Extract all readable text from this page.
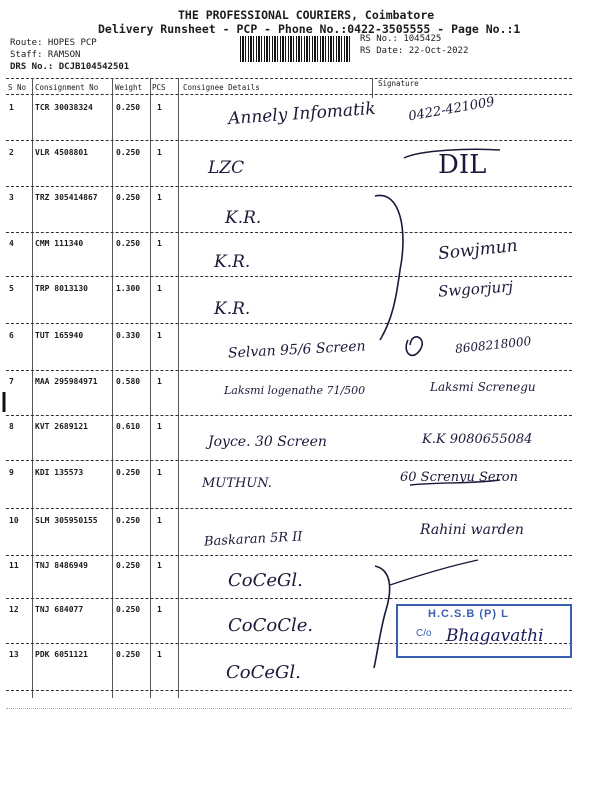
THE PROFESSIONAL COURIERS, Coimbatore
Delivery Runsheet - PCP - Phone No.:0422-3505555 - Page No.:1
Route: HOPES PCP
Staff: RAMSON
DRS No.: DCJB104542501
RS No.: 1045425
RS Date: 22-Oct-2022
S No Consignment No Weight PCS Consignee Details	Signature
1	TCR 30038324	0.250 1	Annely Infomatik 0422-421009
2	VLR 4508801	0.250 1
LZC	DIL
3	TRZ 305414867 0.250 1
K.R.
4	CMM 111340	0.250 1
K.R.	Sowjmun
5	TRP 8013130	1.300 1
K.R.
Swgorjurj
6	TUT 165940	0.330 1
Selvan 95/6 Screen	8608218000
7	MAA 295984971 0.580 1
Laksmi logenathe 71/500	Laksmi Screnegu
8	KVT 2689121	0.610 1
Joyce. 30 Screen	K.K 9080655084
9	KDI 135573	0.250 1
MUTHUN.	60 Screnyu Seron
10 SLM 305950155 0.250 1
Baskaran 5R II	Rahini warden
11 TNJ 8486949	0.250 1
CoCeGl.
12 TNJ 684077	0.250 1
CoCoCle.
13 PDK 6051121	0.250 1
CoCeGl.
H.C.S.B (P) L
C/o Bhagavathi
